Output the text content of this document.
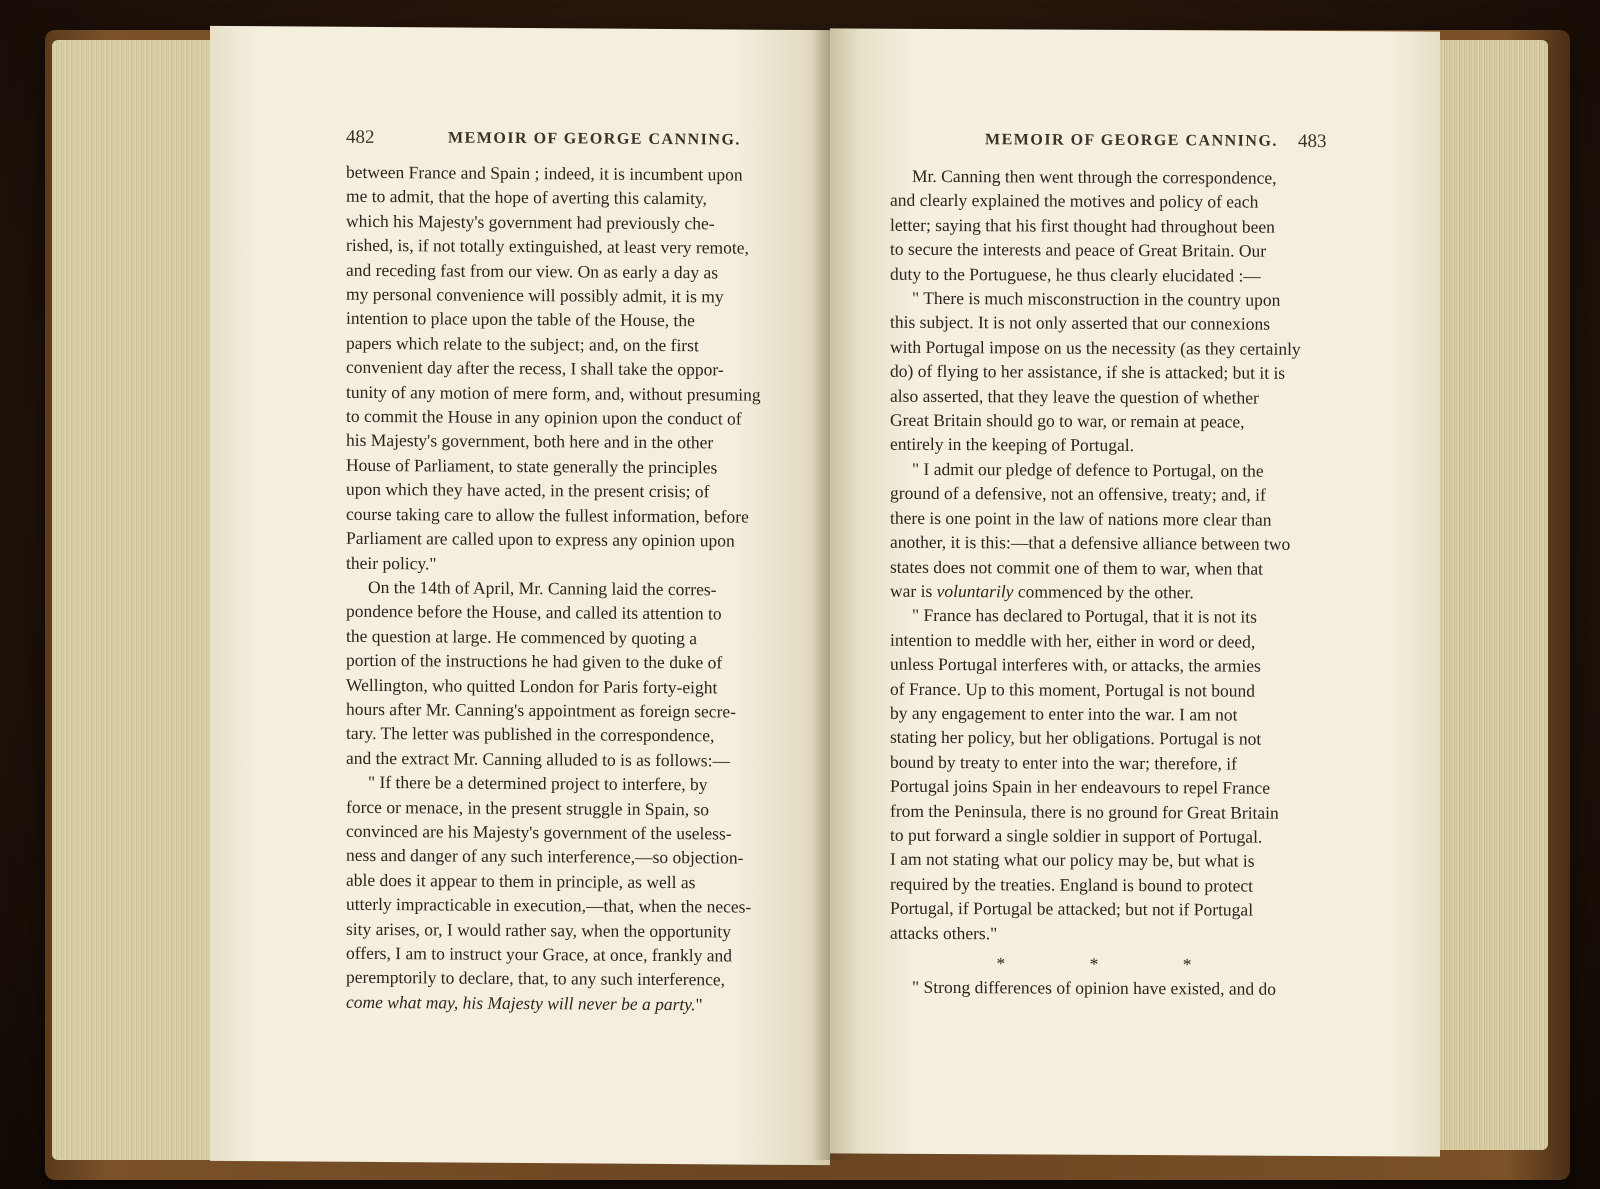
482	MEMOIR OF GEORGE CANNING.
between France and Spain ; indeed, it is incumbent upon
me to admit, that the hope of averting this calamity,
which his Majesty's government had previously che-
rished, is, if not totally extinguished, at least very remote,
and receding fast from our view. On as early a day as
my personal convenience will possibly admit, it is my
intention to place upon the table of the House, the
papers which relate to the subject; and, on the first
convenient day after the recess, I shall take the oppor-
tunity of any motion of mere form, and, without presuming
to commit the House in any opinion upon the conduct of
his Majesty's government, both here and in the other
House of Parliament, to state generally the principles
upon which they have acted, in the present crisis; of
course taking care to allow the fullest information, before
Parliament are called upon to express any opinion upon
their policy."
On the 14th of April, Mr. Canning laid the corres-
pondence before the House, and called its attention to
the question at large. He commenced by quoting a
portion of the instructions he had given to the duke of
Wellington, who quitted London for Paris forty-eight
hours after Mr. Canning's appointment as foreign secre-
tary. The letter was published in the correspondence,
and the extract Mr. Canning alluded to is as follows:—
" If there be a determined project to interfere, by
force or menace, in the present struggle in Spain, so
convinced are his Majesty's government of the useless-
ness and danger of any such interference,—so objection-
able does it appear to them in principle, as well as
utterly impracticable in execution,—that, when the neces-
sity arises, or, I would rather say, when the opportunity
offers, I am to instruct your Grace, at once, frankly and
peremptorily to declare, that, to any such interference,
come what may, his Majesty will never be a party."
MEMOIR OF GEORGE CANNING. 483
Mr. Canning then went through the correspondence,
and clearly explained the motives and policy of each
letter; saying that his first thought had throughout been
to secure the interests and peace of Great Britain. Our
duty to the Portuguese, he thus clearly elucidated :—
" There is much misconstruction in the country upon
this subject. It is not only asserted that our connexions
with Portugal impose on us the necessity (as they certainly
do) of flying to her assistance, if she is attacked; but it is
also asserted, that they leave the question of whether
Great Britain should go to war, or remain at peace,
entirely in the keeping of Portugal.
" I admit our pledge of defence to Portugal, on the
ground of a defensive, not an offensive, treaty; and, if
there is one point in the law of nations more clear than
another, it is this:—that a defensive alliance between two
states does not commit one of them to war, when that
war is voluntarily commenced by the other.
" France has declared to Portugal, that it is not its
intention to meddle with her, either in word or deed,
unless Portugal interferes with, or attacks, the armies
of France. Up to this moment, Portugal is not bound
by any engagement to enter into the war. I am not
stating her policy, but her obligations. Portugal is not
bound by treaty to enter into the war; therefore, if
Portugal joins Spain in her endeavours to repel France
from the Peninsula, there is no ground for Great Britain
to put forward a single soldier in support of Portugal.
I am not stating what our policy may be, but what is
required by the treaties. England is bound to protect
Portugal, if Portugal be attacked; but not if Portugal
attacks others."
* * *
" Strong differences of opinion have existed, and do
